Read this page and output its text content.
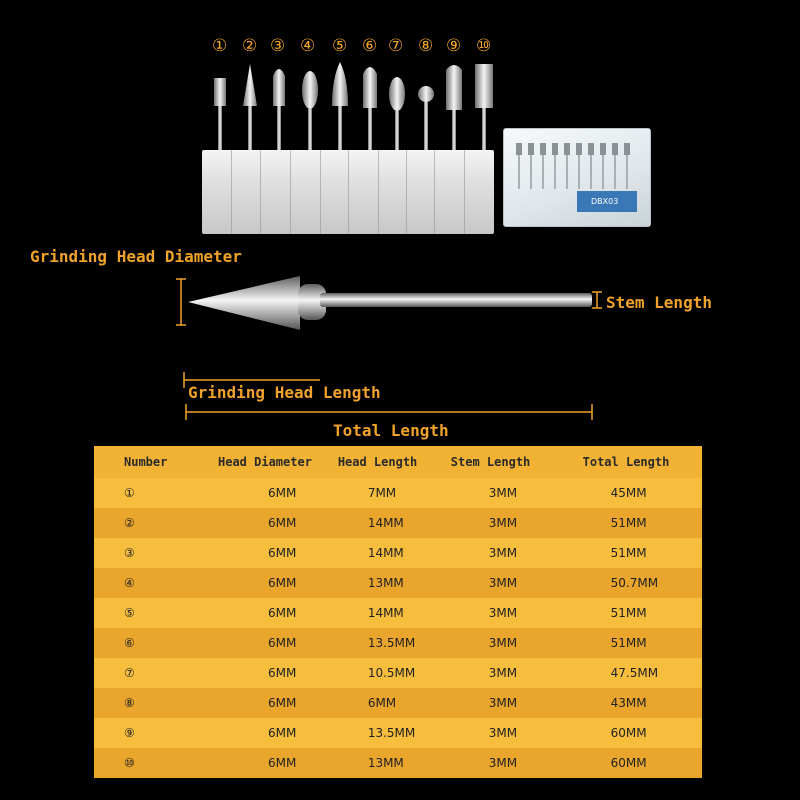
① ② ③ ④ ⑤ ⑥ ⑦ ⑧ ⑨ ⑩
DBX03
Grinding Head Diameter
Stem Length
Grinding Head Length
Total Length
Number	Head Diameter	Head Length	Stem Length	Total Length
①	6MM	7MM	3MM	45MM
②	6MM	14MM	3MM	51MM
③	6MM	14MM	3MM	51MM
④	6MM	13MM	3MM	50.7MM
⑤	6MM	14MM	3MM	51MM
⑥	6MM	13.5MM	3MM	51MM
⑦	6MM	10.5MM	3MM	47.5MM
⑧	6MM	6MM	3MM	43MM
⑨	6MM	13.5MM	3MM	60MM
⑩	6MM	13MM	3MM	60MM
